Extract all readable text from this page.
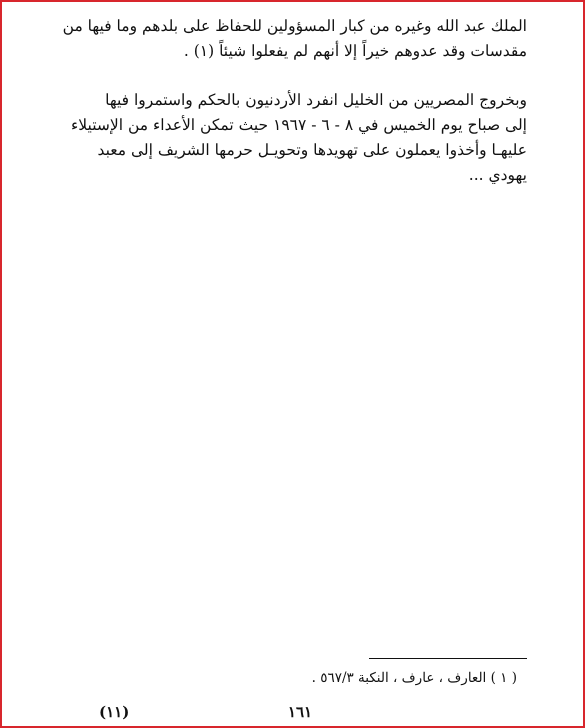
الملك عبد الله وغيره من كبار المسؤولين للحفاظ على بلدهم وما فيها من
مقدسات وقد عدوهم خيراً إلا أنهم لم يفعلوا شيئاً (١) .
وبخروج المصريين من الخليل انفرد الأردنيون بالحكم واستمروا فيها
إلى صباح يوم الخميس في ٨ - ٦ - ١٩٦٧ حيث تمكن الأعداء من الإستيلاء
عليهـا وأخذوا يعملون على تهويدها وتحويـل حرمها الشريف إلى معبد
يهودي ...
( ١ ) العارف ، عارف ، النكبة ٥٦٧/٣ .
١٦١
(١١)
